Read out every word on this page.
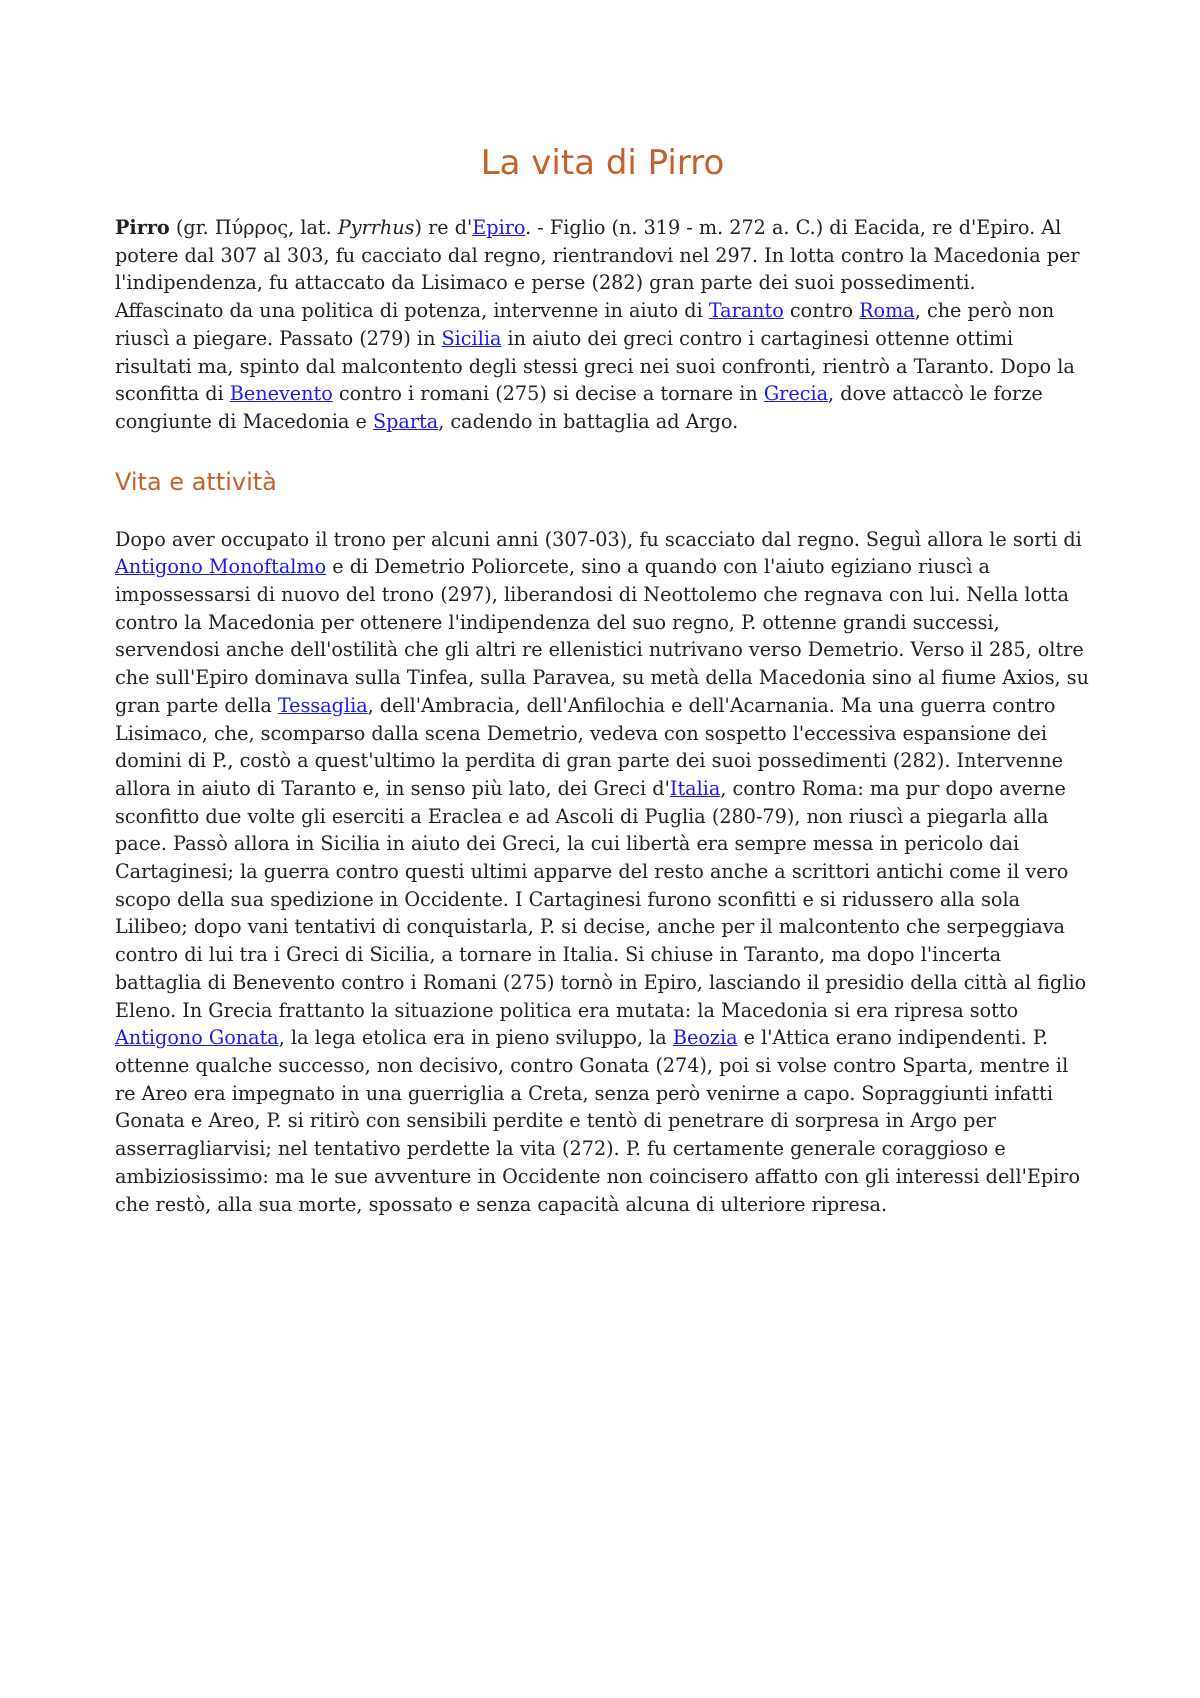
La vita di Pirro

Pirro (gr. Πύρρος, lat. Pyrrhus) re d'Epiro. - Figlio (n. 319 - m. 272 a. C.) di Eacida, re d'Epiro. Al potere dal 307 al 303, fu cacciato dal regno, rientrandovi nel 297. In lotta contro la Macedonia per l'indipendenza, fu attaccato da Lisimaco e perse (282) gran parte dei suoi possedimenti. Affascinato da una politica di potenza, intervenne in aiuto di Taranto contro Roma, che però non riuscì a piegare. Passato (279) in Sicilia in aiuto dei greci contro i cartaginesi ottenne ottimi risultati ma, spinto dal malcontento degli stessi greci nei suoi confronti, rientrò a Taranto. Dopo la sconfitta di Benevento contro i romani (275) si decise a tornare in Grecia, dove attaccò le forze congiunte di Macedonia e Sparta, cadendo in battaglia ad Argo.

Vita e attività

Dopo aver occupato il trono per alcuni anni (307-03), fu scacciato dal regno. Seguì allora le sorti di Antigono Monoftalmo e di Demetrio Poliorcete, sino a quando con l'aiuto egiziano riuscì a impossessarsi di nuovo del trono (297), liberandosi di Neottolemo che regnava con lui. Nella lotta contro la Macedonia per ottenere l'indipendenza del suo regno, P. ottenne grandi successi, servendosi anche dell'ostilità che gli altri re ellenistici nutrivano verso Demetrio. Verso il 285, oltre che sull'Epiro dominava sulla Tinfea, sulla Paravea, su metà della Macedonia sino al fiume Axios, su gran parte della Tessaglia, dell'Ambracia, dell'Anfilochia e dell'Acarnania. Ma una guerra contro Lisimaco, che, scomparso dalla scena Demetrio, vedeva con sospetto l'eccessiva espansione dei domini di P., costò a quest'ultimo la perdita di gran parte dei suoi possedimenti (282). Intervenne allora in aiuto di Taranto e, in senso più lato, dei Greci d'Italia, contro Roma: ma pur dopo averne sconfitto due volte gli eserciti a Eraclea e ad Ascoli di Puglia (280-79), non riuscì a piegarla alla pace. Passò allora in Sicilia in aiuto dei Greci, la cui libertà era sempre messa in pericolo dai Cartaginesi; la guerra contro questi ultimi apparve del resto anche a scrittori antichi come il vero scopo della sua spedizione in Occidente. I Cartaginesi furono sconfitti e si ridussero alla sola Lilibeo; dopo vani tentativi di conquistarla, P. si decise, anche per il malcontento che serpeggiava contro di lui tra i Greci di Sicilia, a tornare in Italia. Si chiuse in Taranto, ma dopo l'incerta battaglia di Benevento contro i Romani (275) tornò in Epiro, lasciando il presidio della città al figlio Eleno. In Grecia frattanto la situazione politica era mutata: la Macedonia si era ripresa sotto Antigono Gonata, la lega etolica era in pieno sviluppo, la Beozia e l'Attica erano indipendenti. P. ottenne qualche successo, non decisivo, contro Gonata (274), poi si volse contro Sparta, mentre il re Areo era impegnato in una guerriglia a Creta, senza però venirne a capo. Sopraggiunti infatti Gonata e Areo, P. si ritirò con sensibili perdite e tentò di penetrare di sorpresa in Argo per asserragliarvisi; nel tentativo perdette la vita (272). P. fu certamente generale coraggioso e ambiziosissimo: ma le sue avventure in Occidente non coincisero affatto con gli interessi dell'Epiro che restò, alla sua morte, spossato e senza capacità alcuna di ulteriore ripresa.
